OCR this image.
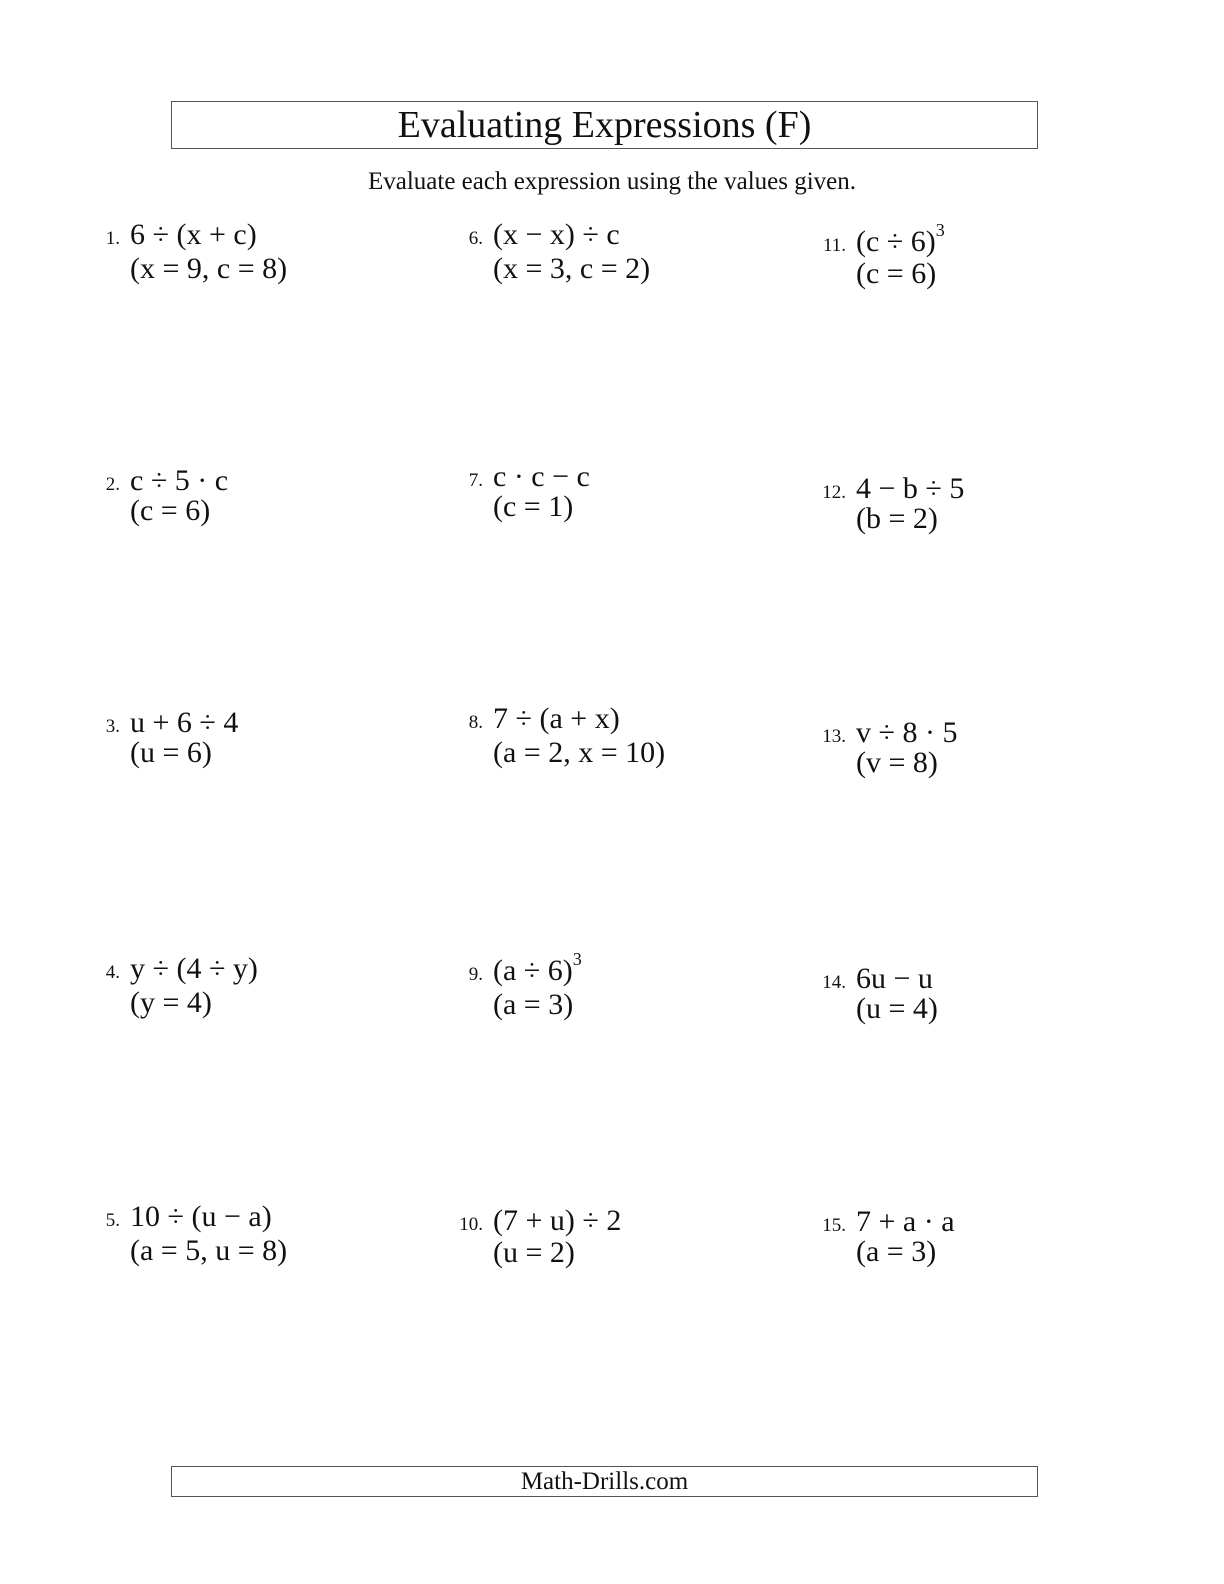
Evaluating Expressions (F)
Evaluate each expression using the values given.
1. 6 ÷ (x + c)
(x = 9, c = 8)
2. c ÷ 5 · c
(c = 6)
3. u + 6 ÷ 4
(u = 6)
4. y ÷ (4 ÷ y)
(y = 4)
5. 10 ÷ (u − a)
(a = 5, u = 8)
6. (x − x) ÷ c
(x = 3, c = 2)
7. c · c − c
(c = 1)
8. 7 ÷ (a + x)
(a = 2, x = 10)
9. $(a \div 6)^3$
(a = 3)
10. (7 + u) ÷ 2
(u = 2)
11. $(c \div 6)^3$
(c = 6)
12. 4 − b ÷ 5
(b = 2)
13. v ÷ 8 · 5
(v = 8)
14. 6u − u
(u = 4)
15. 7 + a · a
(a = 3)
Math-Drills.com
